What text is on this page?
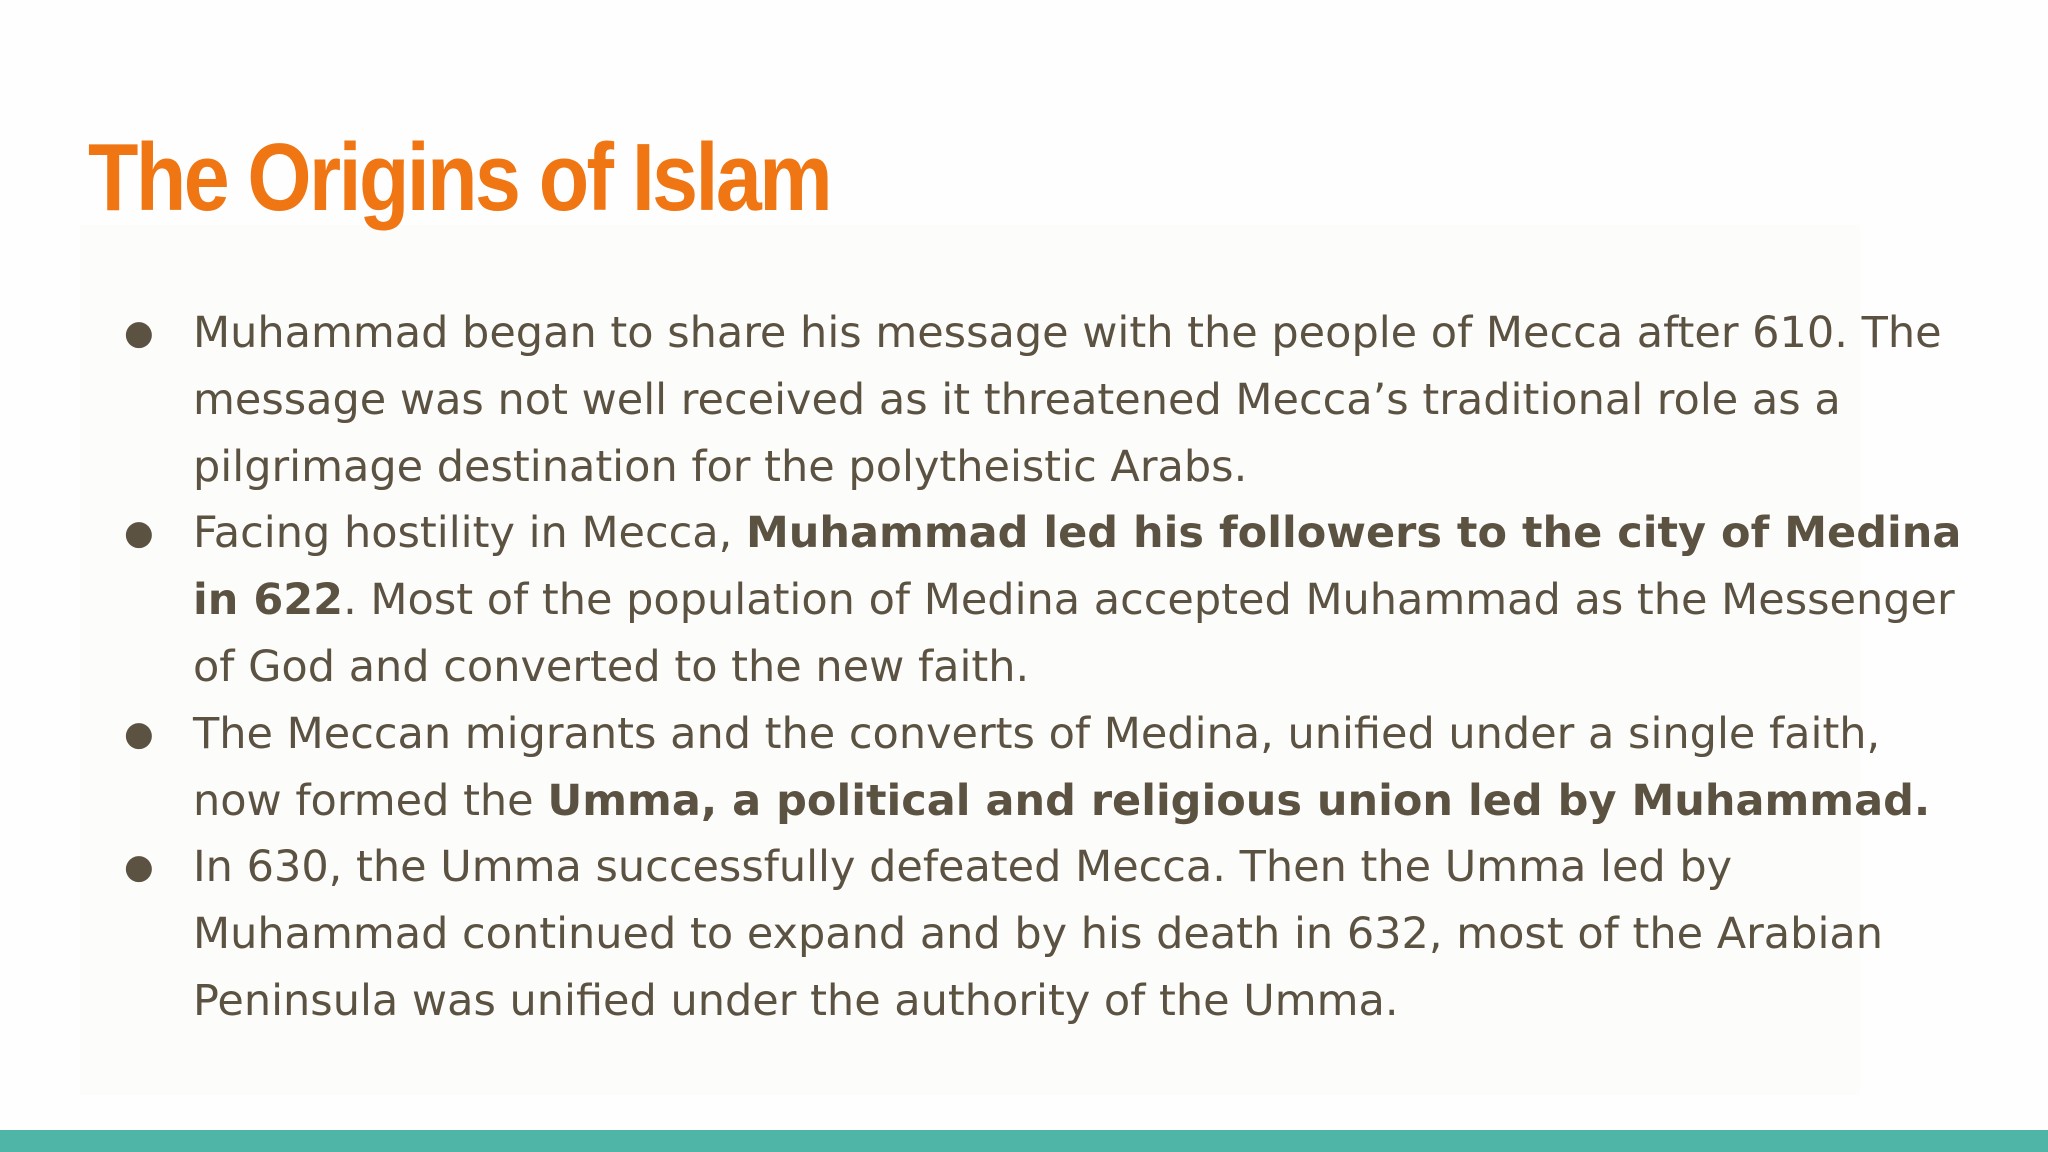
The Origins of Islam
● Muhammad began to share his message with the people of Mecca after 610. The message was not well received as it threatened Mecca’s traditional role as a pilgrimage destination for the polytheistic Arabs.
● Facing hostility in Mecca, Muhammad led his followers to the city of Medina in 622. Most of the population of Medina accepted Muhammad as the Messenger of God and converted to the new faith.
● The Meccan migrants and the converts of Medina, unified under a single faith, now formed the Umma, a political and religious union led by Muhammad.
● In 630, the Umma successfully defeated Mecca. Then the Umma led by Muhammad continued to expand and by his death in 632, most of the Arabian Peninsula was unified under the authority of the Umma.
